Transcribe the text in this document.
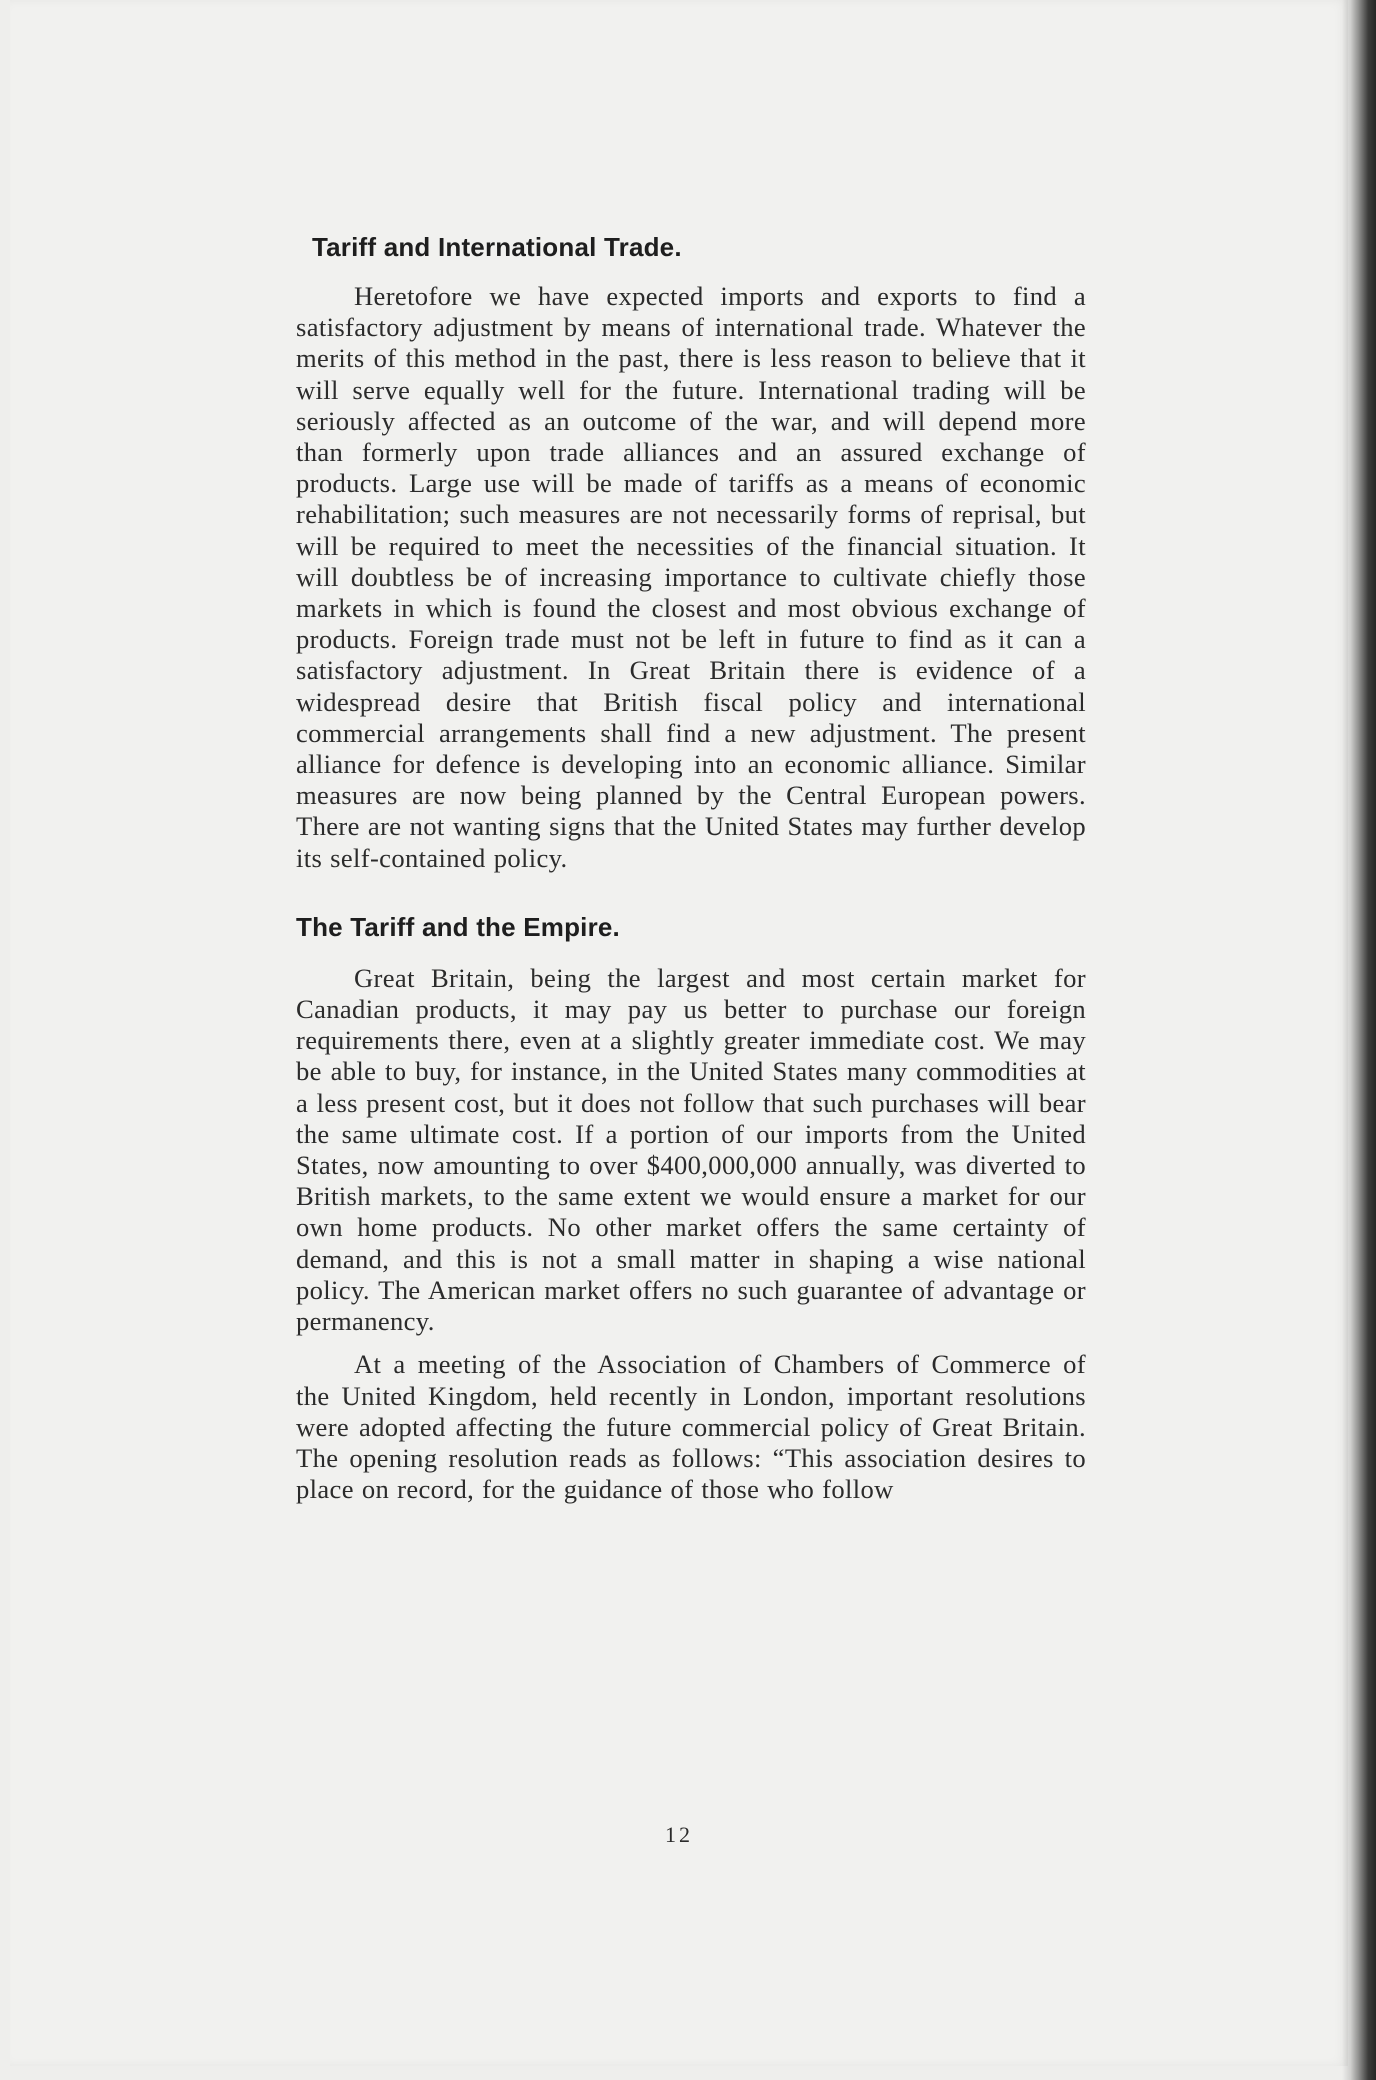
Tariff and International Trade.

Heretofore we have expected imports and exports to find a satisfactory adjustment by means of international trade. Whatever the merits of this method in the past, there is less reason to believe that it will serve equally well for the future. International trading will be seriously affected as an outcome of the war, and will depend more than formerly upon trade alliances and an assured exchange of products. Large use will be made of tariffs as a means of economic rehabilitation; such measures are not necessarily forms of reprisal, but will be required to meet the necessities of the financial situation. It will doubtless be of increasing importance to cultivate chiefly those markets in which is found the closest and most obvious exchange of products. Foreign trade must not be left in future to find as it can a satisfactory adjustment. In Great Britain there is evidence of a widespread desire that British fiscal policy and international commercial arrangements shall find a new adjustment. The present alliance for defence is developing into an economic alliance. Similar measures are now being planned by the Central European powers. There are not wanting signs that the United States may further develop its self-contained policy.

The Tariff and the Empire.

Great Britain, being the largest and most certain market for Canadian products, it may pay us better to purchase our foreign requirements there, even at a slightly greater immediate cost. We may be able to buy, for instance, in the United States many commodities at a less present cost, but it does not follow that such purchases will bear the same ultimate cost. If a portion of our imports from the United States, now amounting to over $400,000,000 annually, was diverted to British markets, to the same extent we would ensure a market for our own home products. No other market offers the same certainty of demand, and this is not a small matter in shaping a wise national policy. The American market offers no such guarantee of advantage or permanency.

At a meeting of the Association of Chambers of Commerce of the United Kingdom, held recently in London, important resolutions were adopted affecting the future commercial policy of Great Britain. The opening resolution reads as follows: “This association desires to place on record, for the guidance of those who follow

12
